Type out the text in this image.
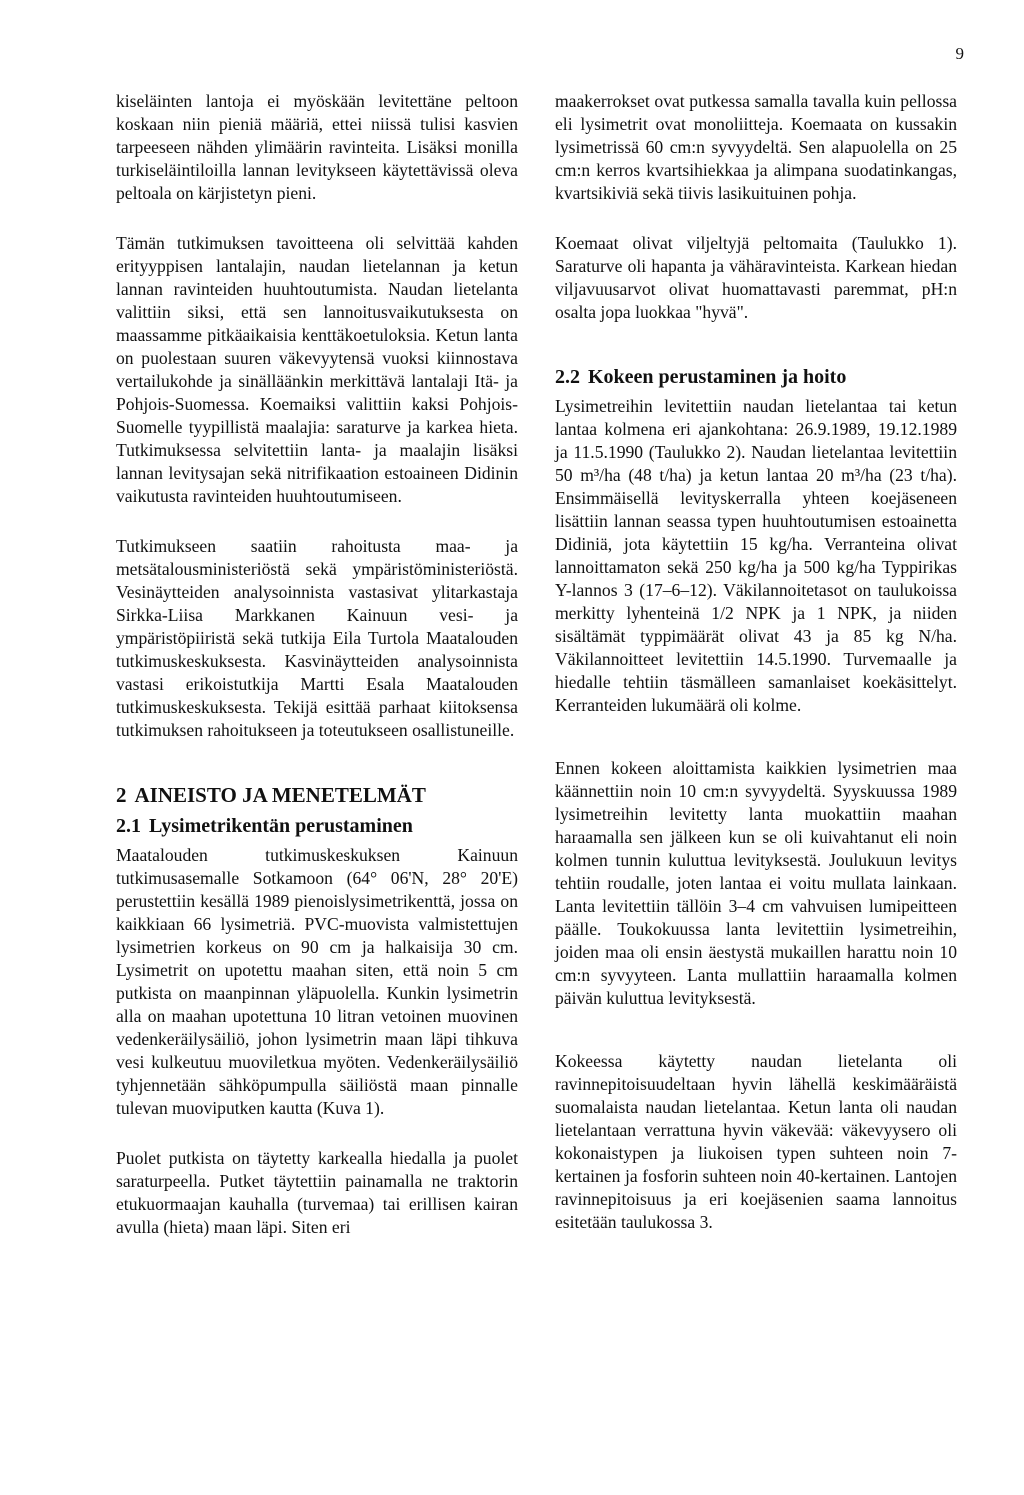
9

kiseläinten lantoja ei myöskään levitettäne peltoon koskaan niin pieniä määriä, ettei niissä tulisi kasvien tarpeeseen nähden ylimäärin ravinteita. Lisäksi monilla turkiseläintiloilla lannan levitykseen käytettävissä oleva peltoala on kärjistetyn pieni.

Tämän tutkimuksen tavoitteena oli selvittää kahden erityyppisen lantalajin, naudan lietelannan ja ketun lannan ravinteiden huuhtoutumista. Naudan lietelanta valittiin siksi, että sen lannoitusvaikutuksesta on maassamme pitkäaikaisia kenttäkoetuloksia. Ketun lanta on puolestaan suuren väkevyytensä vuoksi kiinnostava vertailukohde ja sinälläänkin merkittävä lantalaji Itä- ja Pohjois-Suomessa. Koemaiksi valittiin kaksi Pohjois-Suomelle tyypillistä maalajia: saraturve ja karkea hieta. Tutkimuksessa selvitettiin lanta- ja maalajin lisäksi lannan levitysajan sekä nitrifikaation estoaineen Didinin vaikutusta ravinteiden huuhtoutumiseen.

Tutkimukseen saatiin rahoitusta maa- ja metsätalousministeriöstä sekä ympäristöministeriöstä. Vesinäytteiden analysoinnista vastasivat ylitarkastaja Sirkka-Liisa Markkanen Kainuun vesi- ja ympäristöpiiristä sekä tutkija Eila Turtola Maatalouden tutkimuskeskuksesta. Kasvinäytteiden analysoinnista vastasi erikoistutkija Martti Esala Maatalouden tutkimuskeskuksesta. Tekijä esittää parhaat kiitoksensa tutkimuksen rahoitukseen ja toteutukseen osallistuneille.

2 AINEISTO JA MENETELMÄT
2.1 Lysimetrikentän perustaminen

Maatalouden tutkimuskeskuksen Kainuun tutkimusasemalle Sotkamoon (64° 06'N, 28° 20'E) perustettiin kesällä 1989 pienoislysimetrikenttä, jossa on kaikkiaan 66 lysimetriä. PVC-muovista valmistettujen lysimetrien korkeus on 90 cm ja halkaisija 30 cm. Lysimetrit on upotettu maahan siten, että noin 5 cm putkista on maanpinnan yläpuolella. Kunkin lysimetrin alla on maahan upotettuna 10 litran vetoinen muovinen vedenkeräilysäiliö, johon lysimetrin maan läpi tihkuva vesi kulkeutuu muoviletkua myöten. Vedenkeräilysäiliö tyhjennetään sähköpumpulla säiliöstä maan pinnalle tulevan muoviputken kautta (Kuva 1).

Puolet putkista on täytetty karkealla hiedalla ja puolet saraturpeella. Putket täytettiin painamalla ne traktorin etukuormaajan kauhalla (turvemaa) tai erillisen kairan avulla (hieta) maan läpi. Siten eri

maakerrokset ovat putkessa samalla tavalla kuin pellossa eli lysimetrit ovat monoliitteja. Koemaata on kussakin lysimetrissä 60 cm:n syvyydeltä. Sen alapuolella on 25 cm:n kerros kvartsihiekkaa ja alimpana suodatinkangas, kvartsikiviä sekä tiivis lasikuituinen pohja.

Koemaat olivat viljeltyjä peltomaita (Taulukko 1). Saraturve oli hapanta ja vähäravinteista. Karkean hiedan viljavuusarvot olivat huomattavasti paremmat, pH:n osalta jopa luokkaa "hyvä".

2.2 Kokeen perustaminen ja hoito

Lysimetreihin levitettiin naudan lietelantaa tai ketun lantaa kolmena eri ajankohtana: 26.9.1989, 19.12.1989 ja 11.5.1990 (Taulukko 2). Naudan lietelantaa levitettiin 50 m³/ha (48 t/ha) ja ketun lantaa 20 m³/ha (23 t/ha). Ensimmäisellä levityskerralla yhteen koejäseneen lisättiin lannan seassa typen huuhtoutumisen estoainetta Didiniä, jota käytettiin 15 kg/ha. Verranteina olivat lannoittamaton sekä 250 kg/ha ja 500 kg/ha Typpirikas Y-lannos 3 (17–6–12). Väkilannoitetasot on taulukoissa merkitty lyhenteinä 1/2 NPK ja 1 NPK, ja niiden sisältämät typpimäärät olivat 43 ja 85 kg N/ha. Väkilannoitteet levitettiin 14.5.1990. Turvemaalle ja hiedalle tehtiin täsmälleen samanlaiset koekäsittelyt. Kerranteiden lukumäärä oli kolme.

Ennen kokeen aloittamista kaikkien lysimetrien maa käännettiin noin 10 cm:n syvyydeltä. Syyskuussa 1989 lysimetreihin levitetty lanta muokattiin maahan haraamalla sen jälkeen kun se oli kuivahtanut eli noin kolmen tunnin kuluttua levityksestä. Joulukuun levitys tehtiin roudalle, joten lantaa ei voitu mullata lainkaan. Lanta levitettiin tällöin 3–4 cm vahvuisen lumipeitteen päälle. Toukokuussa lanta levitettiin lysimetreihin, joiden maa oli ensin äestystä mukaillen harattu noin 10 cm:n syvyyteen. Lanta mullattiin haraamalla kolmen päivän kuluttua levityksestä.

Kokeessa käytetty naudan lietelanta oli ravinnepitoisuudeltaan hyvin lähellä keskimääräistä suomalaista naudan lietelantaa. Ketun lanta oli naudan lietelantaan verrattuna hyvin väkevää: väkevyysero oli kokonaistypen ja liukoisen typen suhteen noin 7-kertainen ja fosforin suhteen noin 40-kertainen. Lantojen ravinnepitoisuus ja eri koejäsenien saama lannoitus esitetään taulukossa 3.
